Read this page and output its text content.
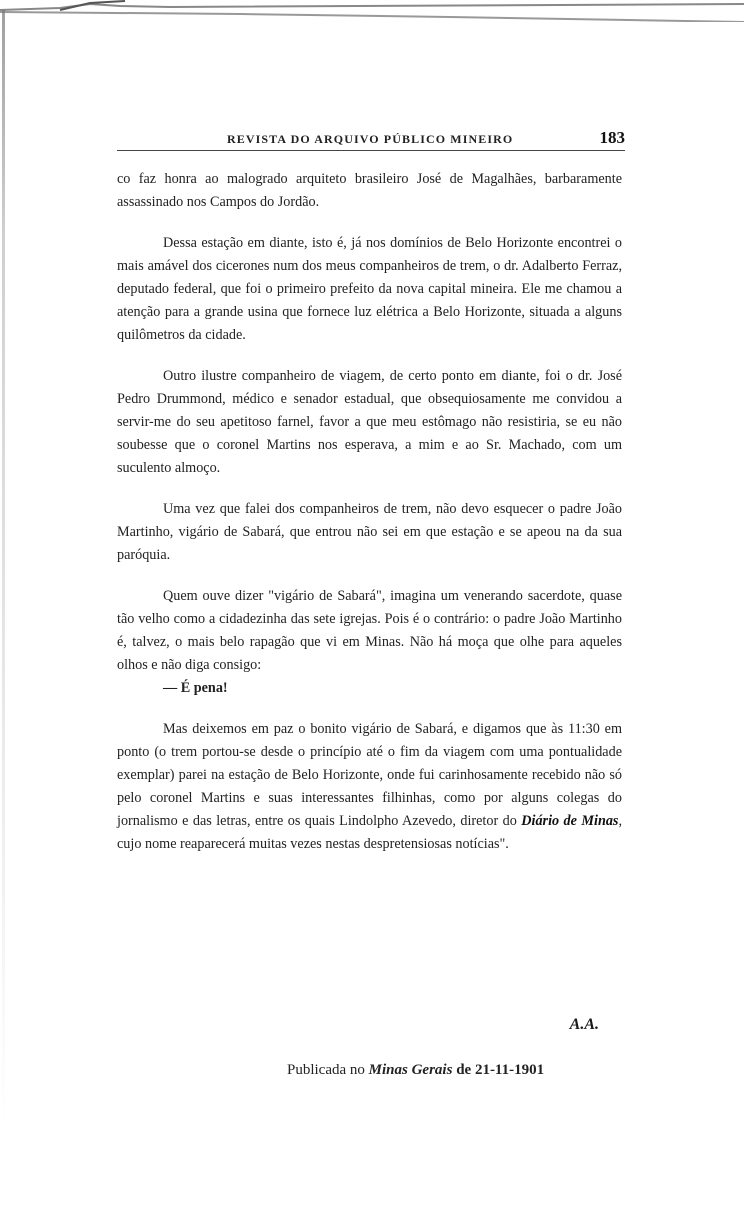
REVISTA DO ARQUIVO PÚBLICO MINEIRO	183

co faz honra ao malogrado arquiteto brasileiro José de Magalhães, barbaramente assassinado nos Campos do Jordão.

Dessa estação em diante, isto é, já nos domínios de Belo Horizonte encontrei o mais amável dos cicerones num dos meus companheiros de trem, o dr. Adalberto Ferraz, deputado federal, que foi o primeiro prefeito da nova capital mineira. Ele me chamou a atenção para a grande usina que fornece luz elétrica a Belo Horizonte, situada a alguns quilômetros da cidade.

Outro ilustre companheiro de viagem, de certo ponto em diante, foi o dr. José Pedro Drummond, médico e senador estadual, que obsequiosamente me convidou a servir-me do seu apetitoso farnel, favor a que meu estômago não resistiria, se eu não soubesse que o coronel Martins nos esperava, a mim e ao Sr. Machado, com um suculento almoço.

Uma vez que falei dos companheiros de trem, não devo esquecer o padre João Martinho, vigário de Sabará, que entrou não sei em que estação e se apeou na da sua paróquia.

Quem ouve dizer "vigário de Sabará", imagina um venerando sacerdote, quase tão velho como a cidadezinha das sete igrejas. Pois é o contrário: o padre João Martinho é, talvez, o mais belo rapagão que vi em Minas. Não há moça que olhe para aqueles olhos e não diga consigo:

— É pena!

Mas deixemos em paz o bonito vigário de Sabará, e digamos que às 11:30 em ponto (o trem portou-se desde o princípio até o fim da viagem com uma pontualidade exemplar) parei na estação de Belo Horizonte, onde fui carinhosamente recebido não só pelo coronel Martins e suas interessantes filhinhas, como por alguns colegas do jornalismo e das letras, entre os quais Lindolpho Azevedo, diretor do Diário de Minas, cujo nome reaparecerá muitas vezes nestas despretensiosas notícias".

A.A.
Publicada no Minas Gerais de 21-11-1901
